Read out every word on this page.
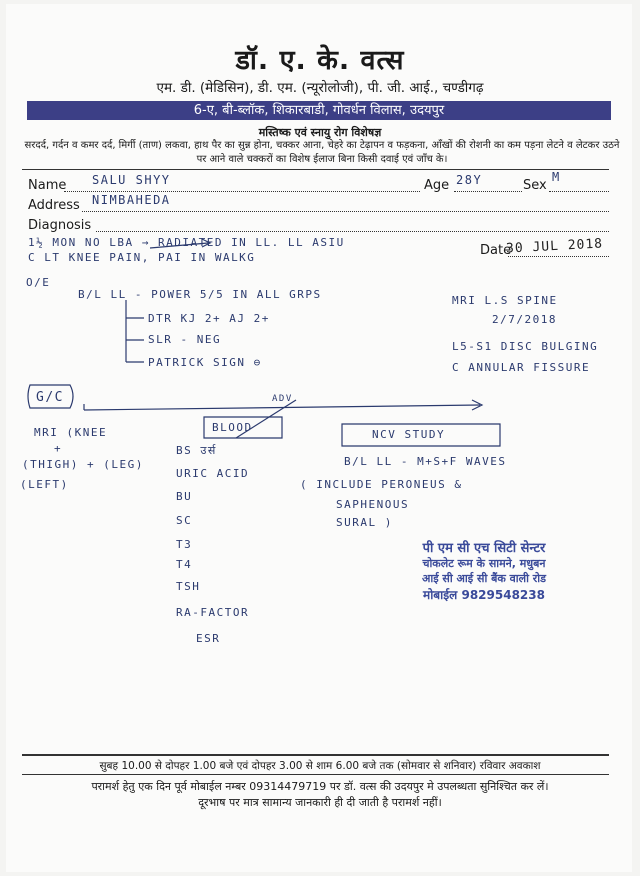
डॉ. ए. के. वत्स
एम. डी. (मेडिसिन), डी. एम. (न्यूरोलोजी), पी. जी. आई., चण्डीगढ़
6-ए, बी-ब्लॉक, शिकारबाडी, गोवर्धन विलास, उदयपुर
मस्तिष्क एवं स्नायु रोग विशेषज्ञ
सरदर्द, गर्दन व कमर दर्द, मिर्गी (ताण) लकवा, हाथ पैर का सुन्न होना, चक्कर आना, चेहरे का टेढ़ापन व फड़कना, आँखों की रोशनी का कम पड़ना लेटने व लेटकर उठने पर आने वाले चक्करों का विशेष ईलाज बिना किसी दवाई एवं जाँच के।
Name SALU SHYY	Age 28Y	Sex
M
Address NIMBAHEDA
Diagnosis
Date
30 JUL 2018
1½ MON NO LBA → RADIATED IN LL. LL ASIU
C LT KNEE PAIN, PAI IN WALKG
O/E
B/L LL - POWER 5/5 IN ALL GRPS
DTR KJ 2+ AJ 2+
SLR - NEG
PATRICK SIGN ⊖
MRI L.S SPINE
2/7/2018
L5-S1 DISC BULGING
C ANNULAR FISSURE
ADV
G/C
MRI (KNEE
+
(THIGH) + (LEG)
(LEFT)
BLOOD
BS उर्स
URIC ACID
BU
SC
T3
T4
TSH
RA-FACTOR
ESR
NCV STUDY
B/L LL - M+S+F WAVES
( INCLUDE PERONEUS &
SAPHENOUS
SURAL )
पी एम सी एच सिटी सेन्टर
चोकलेट रूम के सामने, मधुबन
आई सी आई सी बैंक वाली रोड
मोबाईल 9829548238
सुबह 10.00 से दोपहर 1.00 बजे एवं दोपहर 3.00 से शाम 6.00 बजे तक (सोमवार से शनिवार) रविवार अवकाश
परामर्श हेतु एक दिन पूर्व मोबाईल नम्बर 09314479719 पर डॉ. वत्स की उदयपुर मे उपलब्धता सुनिश्चित कर लें।
दूरभाष पर मात्र सामान्य जानकारी ही दी जाती है परामर्श नहीं।
